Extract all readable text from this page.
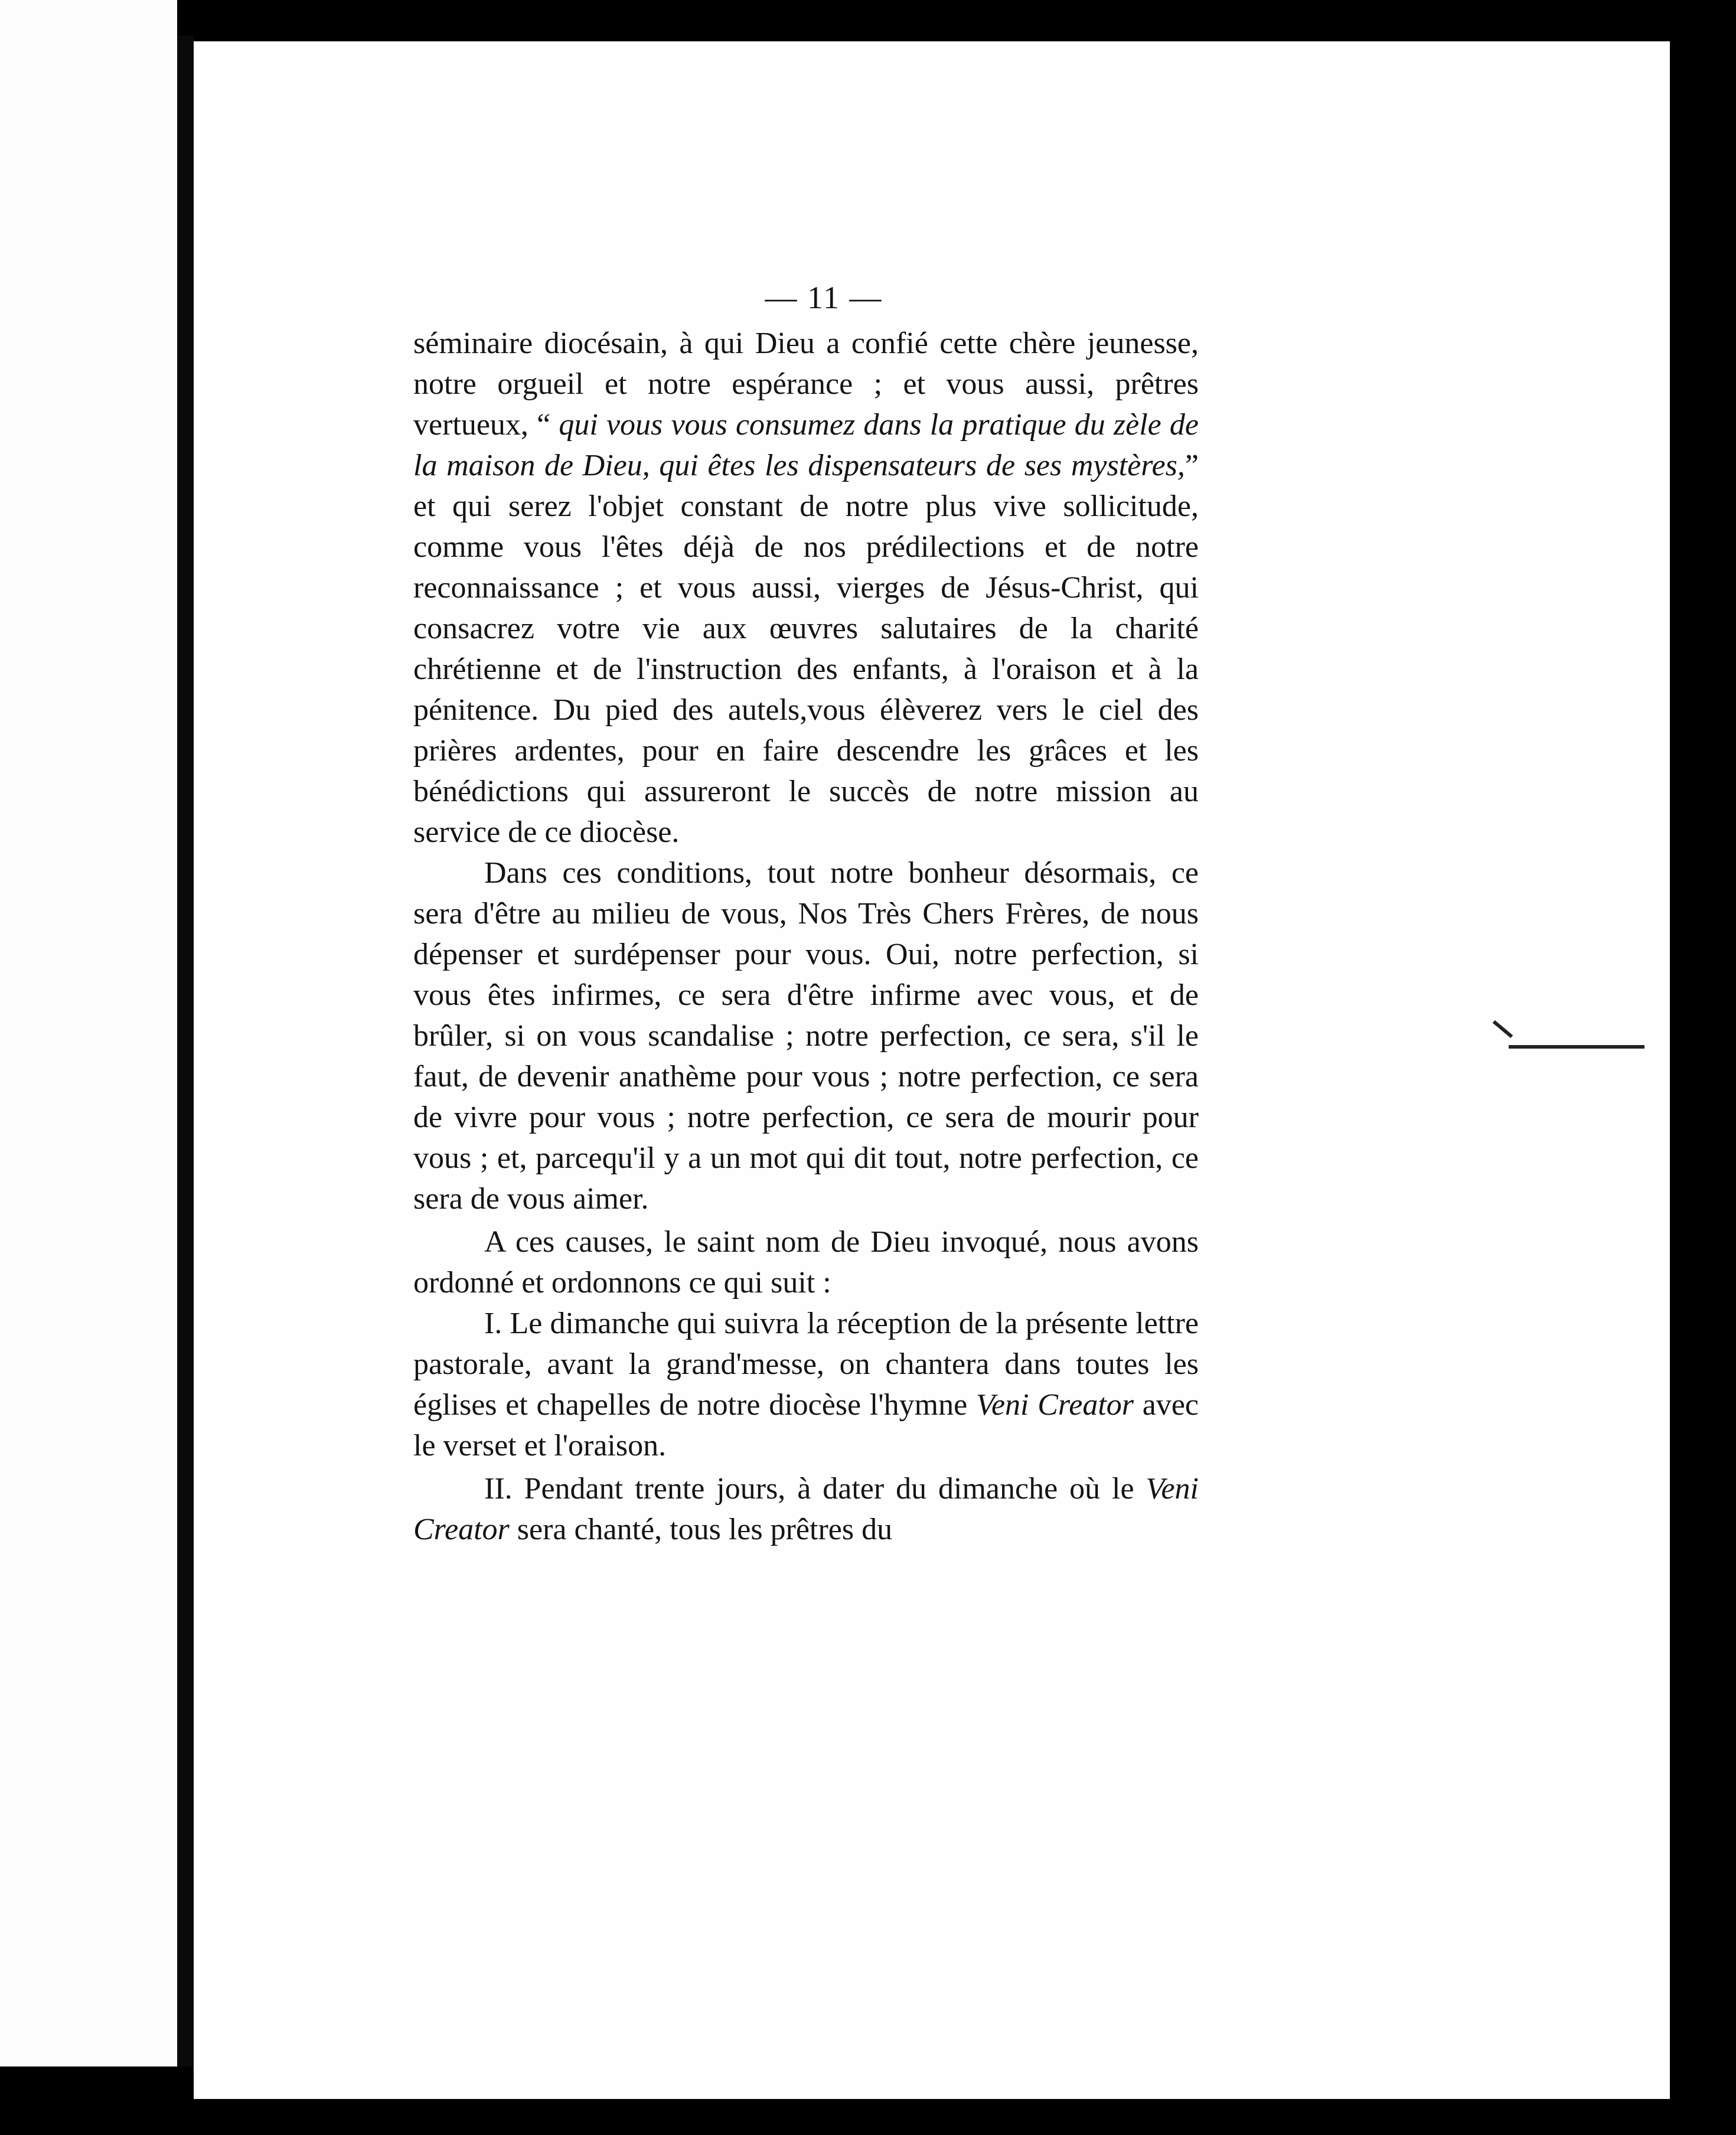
— 11 —

séminaire diocésain, à qui Dieu a confié cette chère jeunesse, notre orgueil et notre espérance ; et vous aussi, prêtres vertueux, “ qui vous vous consumez dans la pratique du zèle de la maison de Dieu, qui êtes les dispensateurs de ses mystères,” et qui serez l'objet constant de notre plus vive sollicitude, comme vous l'êtes déjà de nos prédilections et de notre reconnaissance ; et vous aussi, vierges de Jésus-Christ, qui consacrez votre vie aux œuvres salutaires de la charité chrétienne et de l'instruction des enfants, à l'oraison et à la pénitence. Du pied des autels,vous élèverez vers le ciel des prières ardentes, pour en faire descendre les grâces et les bénédictions qui assureront le succès de notre mission au service de ce diocèse.

Dans ces conditions, tout notre bonheur désormais, ce sera d'être au milieu de vous, Nos Très Chers Frères, de nous dépenser et surdépenser pour vous. Oui, notre perfection, si vous êtes infirmes, ce sera d'être infirme avec vous, et de brûler, si on vous scandalise ; notre perfection, ce sera, s'il le faut, de devenir anathème pour vous ; notre perfection, ce sera de vivre pour vous ; notre perfection, ce sera de mourir pour vous ; et, parcequ'il y a un mot qui dit tout, notre perfection, ce sera de vous aimer.

A ces causes, le saint nom de Dieu invoqué, nous avons ordonné et ordonnons ce qui suit :

I. Le dimanche qui suivra la réception de la présente lettre pastorale, avant la grand'messe, on chantera dans toutes les églises et chapelles de notre diocèse l'hymne Veni Creator avec le verset et l'oraison.

II. Pendant trente jours, à dater du dimanche où le Veni Creator sera chanté, tous les prêtres du
